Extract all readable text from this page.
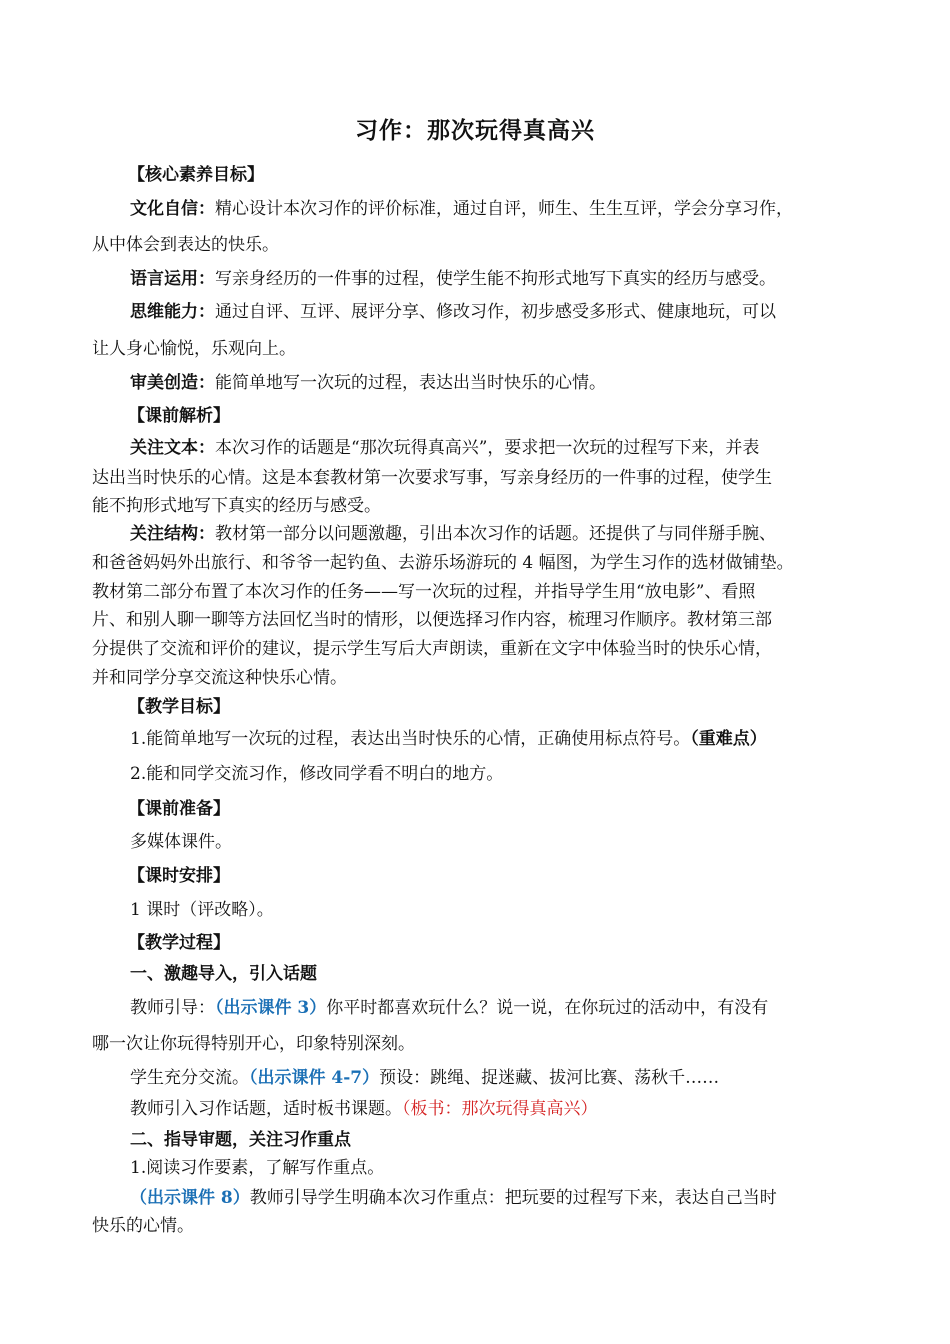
习作：那次玩得真高兴
【核心素养目标】
文化自信：精心设计本次习作的评价标准，通过自评，师生、生生互评，学会分享习作，
从中体会到表达的快乐。
语言运用：写亲身经历的一件事的过程，使学生能不拘形式地写下真实的经历与感受。
思维能力：通过自评、互评、展评分享、修改习作，初步感受多形式、健康地玩，可以
让人身心愉悦，乐观向上。
审美创造：能简单地写一次玩的过程，表达出当时快乐的心情。
【课前解析】
关注文本：本次习作的话题是“那次玩得真高兴”，要求把一次玩的过程写下来，并表
达出当时快乐的心情。这是本套教材第一次要求写事，写亲身经历的一件事的过程，使学生
能不拘形式地写下真实的经历与感受。
关注结构：教材第一部分以问题激趣，引出本次习作的话题。还提供了与同伴掰手腕、
和爸爸妈妈外出旅行、和爷爷一起钓鱼、去游乐场游玩的 4 幅图，为学生习作的选材做铺垫。
教材第二部分布置了本次习作的任务——写一次玩的过程，并指导学生用“放电影”、看照
片、和别人聊一聊等方法回忆当时的情形，以便选择习作内容，梳理习作顺序。教材第三部
分提供了交流和评价的建议，提示学生写后大声朗读，重新在文字中体验当时的快乐心情，
并和同学分享交流这种快乐心情。
【教学目标】
1.能简单地写一次玩的过程，表达出当时快乐的心情，正确使用标点符号。（重难点）
2.能和同学交流习作，修改同学看不明白的地方。
【课前准备】
多媒体课件。
【课时安排】
1 课时（评改略）。
【教学过程】
一、激趣导入，引入话题
教师引导：（出示课件 3）你平时都喜欢玩什么？说一说，在你玩过的活动中，有没有
哪一次让你玩得特别开心，印象特别深刻。
学生充分交流。（出示课件 4-7）预设：跳绳、捉迷藏、拔河比赛、荡秋千……
教师引入习作话题，适时板书课题。（板书：那次玩得真高兴）
二、指导审题，关注习作重点
1.阅读习作要素，了解写作重点。
（出示课件 8）教师引导学生明确本次习作重点：把玩要的过程写下来，表达自己当时
快乐的心情。
